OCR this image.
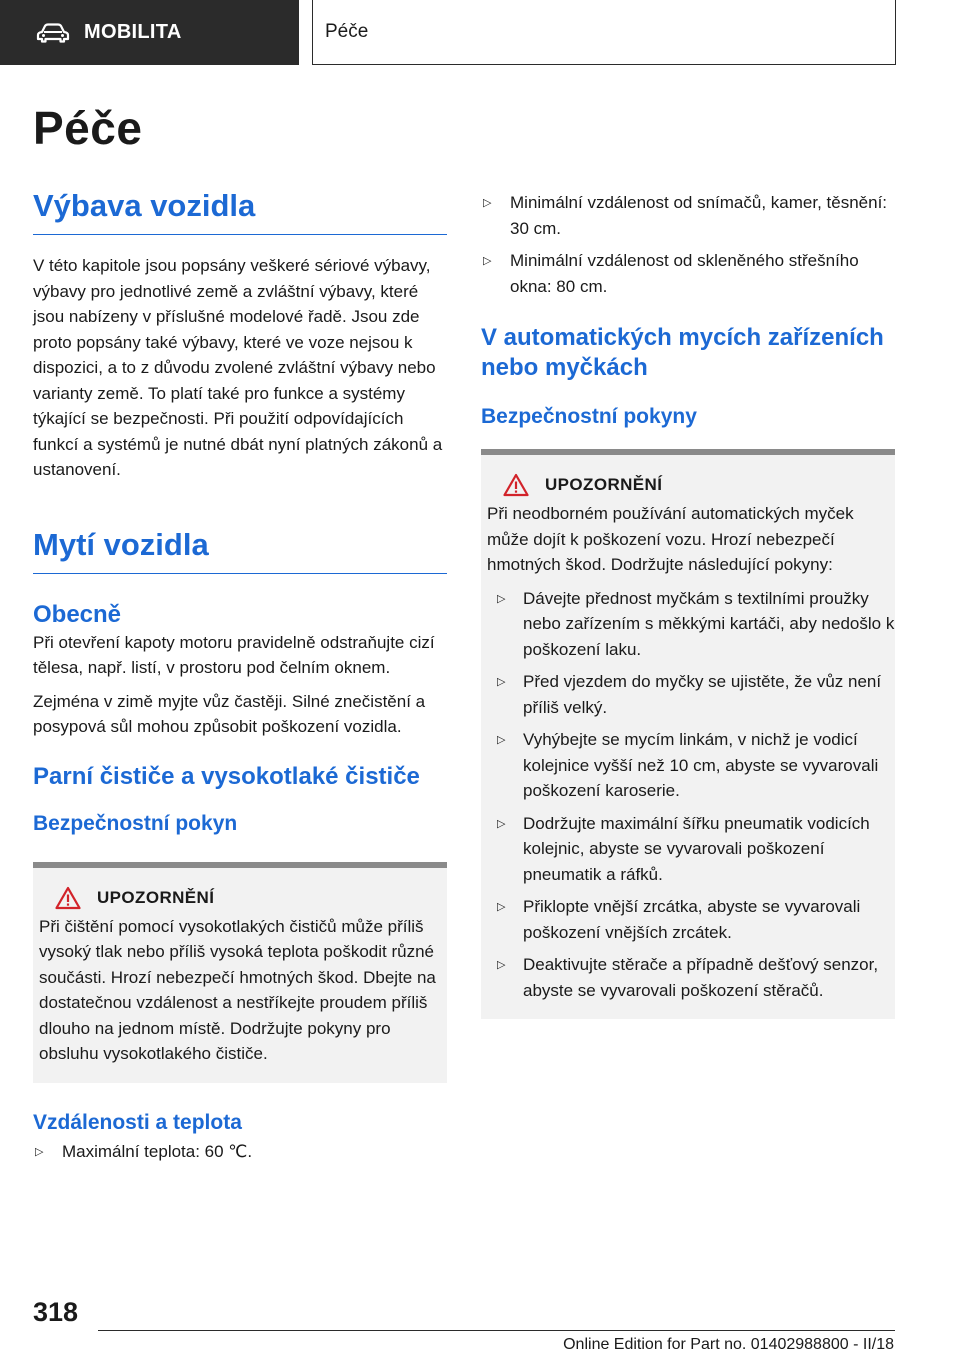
MOBILITA	Péče
Péče
Výbava vozidla

V této kapitole jsou popsány veškeré sériové výbavy, výbavy pro jednotlivé země a zvláštní výbavy, které jsou nabízeny v příslušné modelové řadě. Jsou zde proto popsány také výbavy, které ve voze nejsou k dispozici, a to z důvodu zvolené zvláštní výbavy nebo varianty země. To platí také pro funkce a systémy týkající se bezpečnosti. Při použití odpovídajících funkcí a systémů je nutné dbát nyní platných zákonů a ustanovení.

Mytí vozidla
Obecně

Při otevření kapoty motoru pravidelně odstraňujte cizí tělesa, např. listí, v prostoru pod čelním oknem.

Zejména v zimě myjte vůz častěji. Silné znečistění a posypová sůl mohou způsobit poškození vozidla.

Parní čističe a vysokotlaké čističe
Bezpečnostní pokyn
UPOZORNĚNÍ

Při čištění pomocí vysokotlakých čističů může příliš vysoký tlak nebo příliš vysoká teplota poškodit různé součásti. Hrozí nebezpečí hmotných škod. Dbejte na dostatečnou vzdálenost a nestříkejte proudem příliš dlouho na jednom místě. Dodržujte pokyny pro obsluhu vysokotlakého čističe.

Vzdálenosti a teplota
▷ Maximální teplota: 60 ℃.
▷ Minimální vzdálenost od snímačů, kamer, těsnění: 30 cm.
▷ Minimální vzdálenost od skleněného střešního okna: 80 cm.
V automatických mycích zařízeních nebo myčkách
Bezpečnostní pokyny
UPOZORNĚNÍ

Při neodborném používání automatických myček může dojít k poškození vozu. Hrozí nebezpečí hmotných škod. Dodržujte následující pokyny:

▷ Dávejte přednost myčkám s textilními proužky nebo zařízením s měkkými kartáči, aby nedošlo k poškození laku.
▷ Před vjezdem do myčky se ujistěte, že vůz není příliš velký.
▷ Vyhýbejte se mycím linkám, v nichž je vodicí kolejnice vyšší než 10 cm, abyste se vyvarovali poškození karoserie.
▷ Dodržujte maximální šířku pneumatik vodicích kolejnic, abyste se vyvarovali poškození pneumatik a ráfků.
▷ Přiklopte vnější zrcátka, abyste se vyvarovali poškození vnějších zrcátek.
▷ Deaktivujte stěrače a případně dešťový senzor, abyste se vyvarovali poškození stěračů.
318
Online Edition for Part no. 01402988800 - II/18
